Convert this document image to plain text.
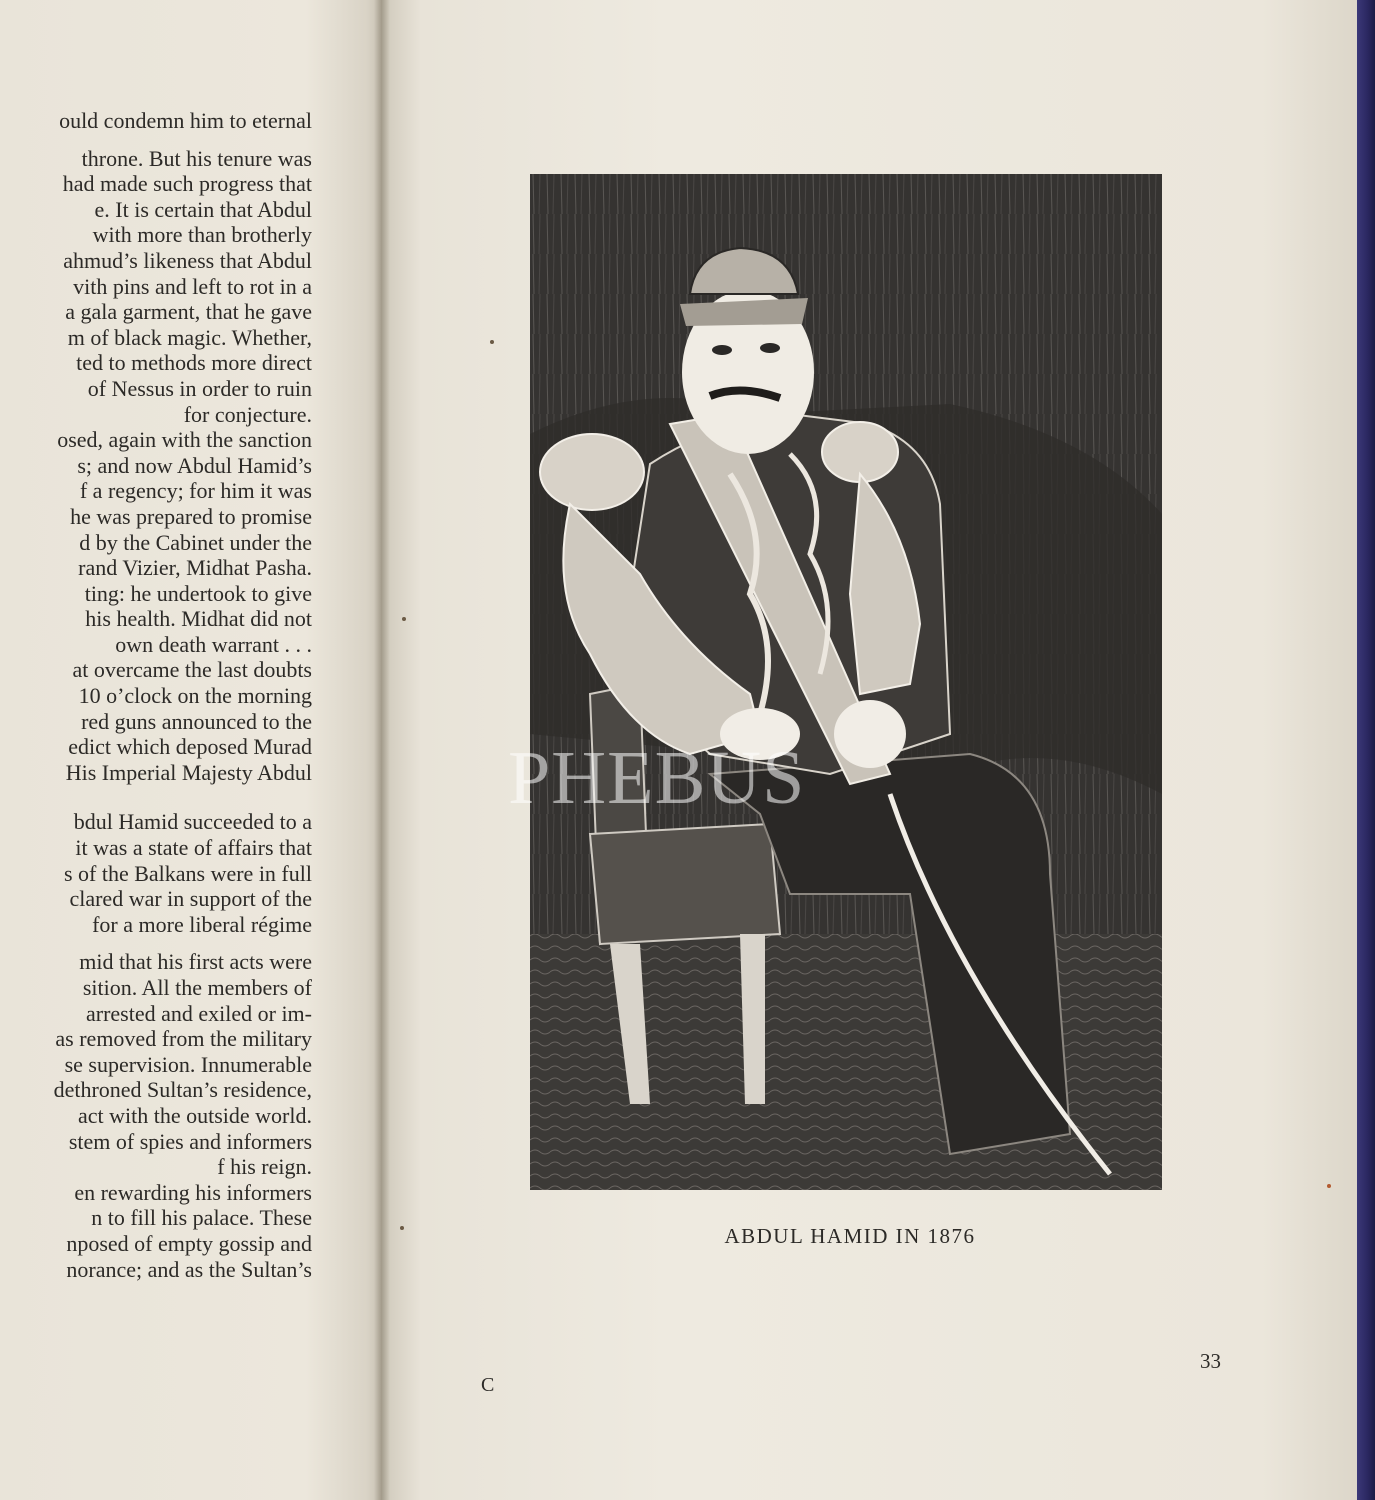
ould condemn him to eternal
throne. But his tenure was
had made such progress that
e. It is certain that Abdul
with more than brotherly
ahmud’s likeness that Abdul
vith pins and left to rot in a
a gala garment, that he gave
m of black magic. Whether,
ted to methods more direct
of Nessus in order to ruin
for conjecture.
osed, again with the sanction
s; and now Abdul Hamid’s
f a regency; for him it was
he was prepared to promise
d by the Cabinet under the
rand Vizier, Midhat Pasha.
ting: he undertook to give
his health. Midhat did not
own death warrant . . .
at overcame the last doubts
10 o’clock on the morning
red guns announced to the
edict which deposed Murad
His Imperial Majesty Abdul
bdul Hamid succeeded to a
it was a state of affairs that
s of the Balkans were in full
clared war in support of the
for a more liberal régime
mid that his first acts were
sition. All the members of
arrested and exiled or im-
as removed from the military
se supervision. Innumerable
dethroned Sultan’s residence,
act with the outside world.
stem of spies and informers
f his reign.
en rewarding his informers
n to fill his palace. These
nposed of empty gossip and
norance; and as the Sultan’s
PHEBUS
ABDUL HAMID IN 1876
33
C
